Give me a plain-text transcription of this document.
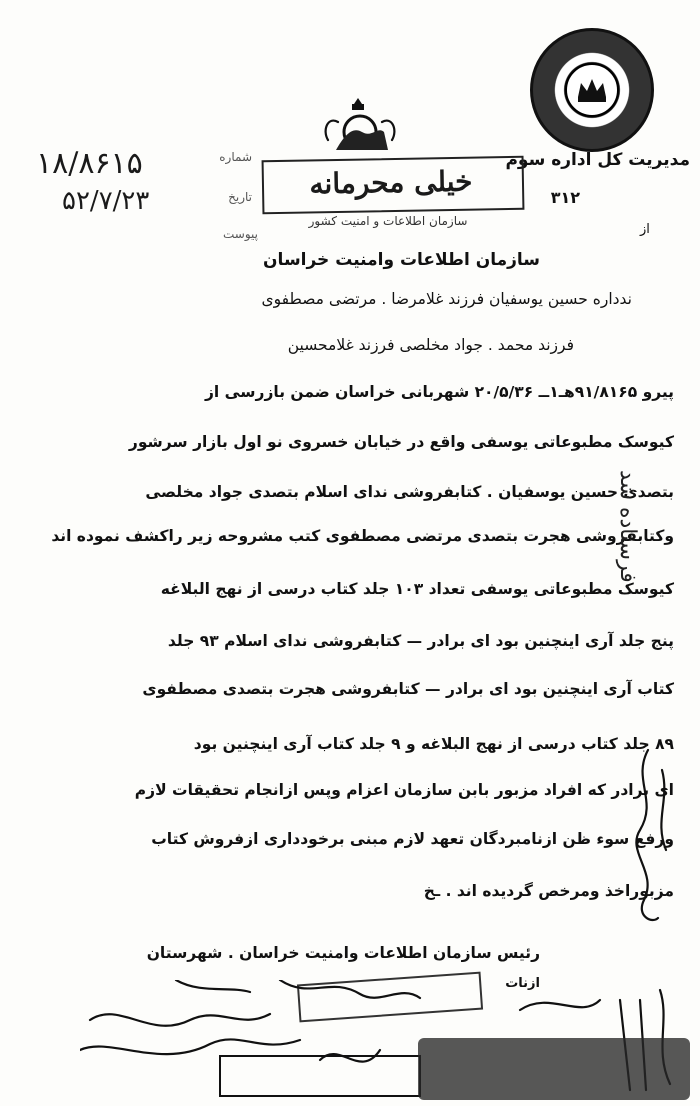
مدیریت کل اداره سوم
۳۱۲
از
۱۸/۸۶۱۵
۵۲/۷/۲۳
شماره
تاریخ
پیوست
خیلی محرمانه
سازمان اطلاعات و امنیت کشور
سازمان اطلاعات وامنیت خراسان
ندداره حسین یوسفیان فرزند غلامرضا . مرتضی مصطفوی
فرزند محمد . جواد مخلصی فرزند غلامحسین
پیرو ۹۱/۸۱۶۵هـ۱ــ ۲۰/۵/۳۶ شهربانی خراسان ضمن بازرسی از
کیوسک مطبوعاتی یوسفی واقع در خیابان خسروی نو اول بازار سرشور
بتصدی حسین یوسفیان . کتابفروشی ندای اسلام بتصدی جواد مخلصی
وکتابفروشی هجرت بتصدی مرتضی مصطفوی کتب مشروحه زیر راکشف نموده اند
کیوسک مطبوعاتی یوسفی تعداد ۱۰۳ جلد کتاب درسی از نهج البلاغه
پنج جلد آری اینچنین بود ای برادر — کتابفروشی ندای اسلام ۹۳ جلد
کتاب آری اینچنین بود ای برادر — کتابفروشی هجرت بتصدی مصطفوی
۸۹ جلد کتاب درسی از نهج البلاغه و ۹ جلد کتاب آری اینچنین بود
ای برادر که افراد مزبور بابن سازمان اعزام وپس ازانجام تحقیقات لازم
ورفع سوء ظن ازنامبردگان تعهد لازم مبنی برخودداری ازفروش کتاب
مزبوراخذ ومرخص گردیده اند . ـخ
فرستاده شد
رئیس سازمان اطلاعات وامنیت خراسان . شهرستان
ازنات
